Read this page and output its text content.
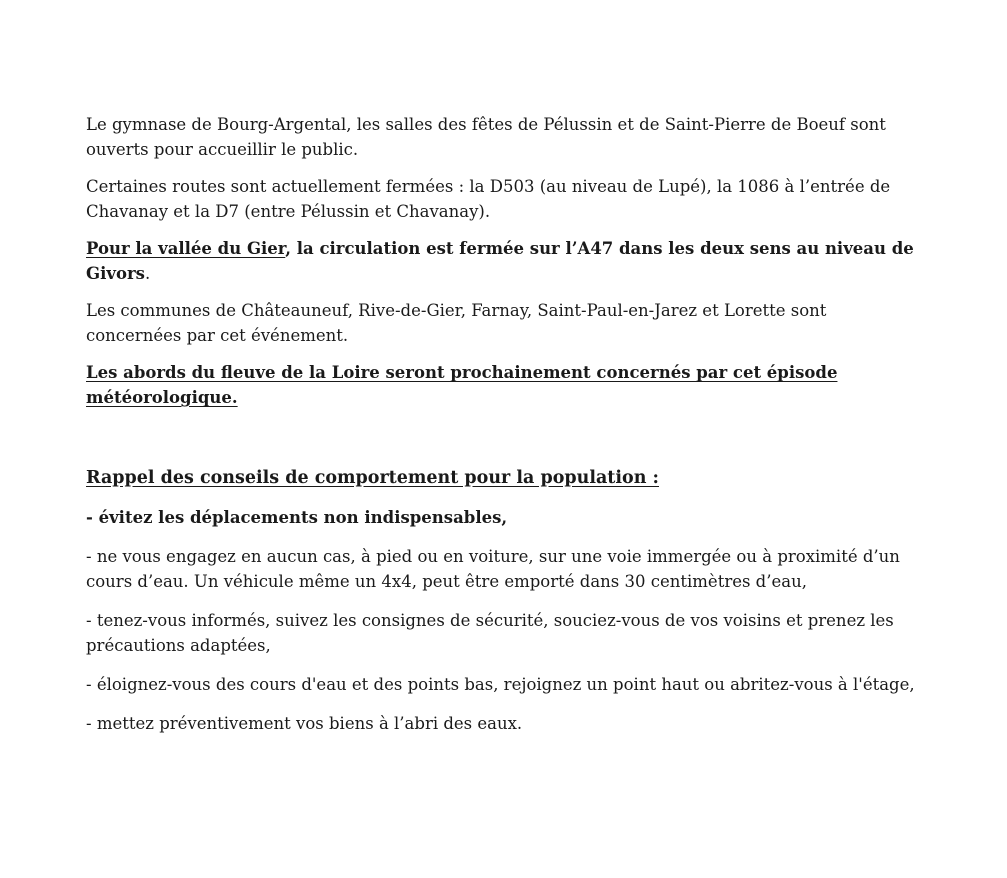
Le gymnase de Bourg-Argental, les salles des fêtes de Pélussin et de Saint-Pierre de Boeuf sont ouverts pour accueillir le public.

Certaines routes sont actuellement fermées : la D503 (au niveau de Lupé), la 1086 à l’entrée de Chavanay et la D7 (entre Pélussin et Chavanay).

Pour la vallée du Gier, la circulation est fermée sur l’A47 dans les deux sens au niveau de Givors.

Les communes de Châteauneuf, Rive-de-Gier, Farnay, Saint-Paul-en-Jarez et Lorette sont concernées par cet événement.

Les abords du fleuve de la Loire seront prochainement concernés par cet épisode météorologique.

Rappel des conseils de comportement pour la population :

- évitez les déplacements non indispensables,

- ne vous engagez en aucun cas, à pied ou en voiture, sur une voie immergée ou à proximité d’un cours d’eau. Un véhicule même un 4x4, peut être emporté dans 30 centimètres d’eau,

- tenez-vous informés, suivez les consignes de sécurité, souciez-vous de vos voisins et prenez les précautions adaptées,

- éloignez-vous des cours d'eau et des points bas, rejoignez un point haut ou abritez-vous à l'étage,

- mettez préventivement vos biens à l’abri des eaux.
